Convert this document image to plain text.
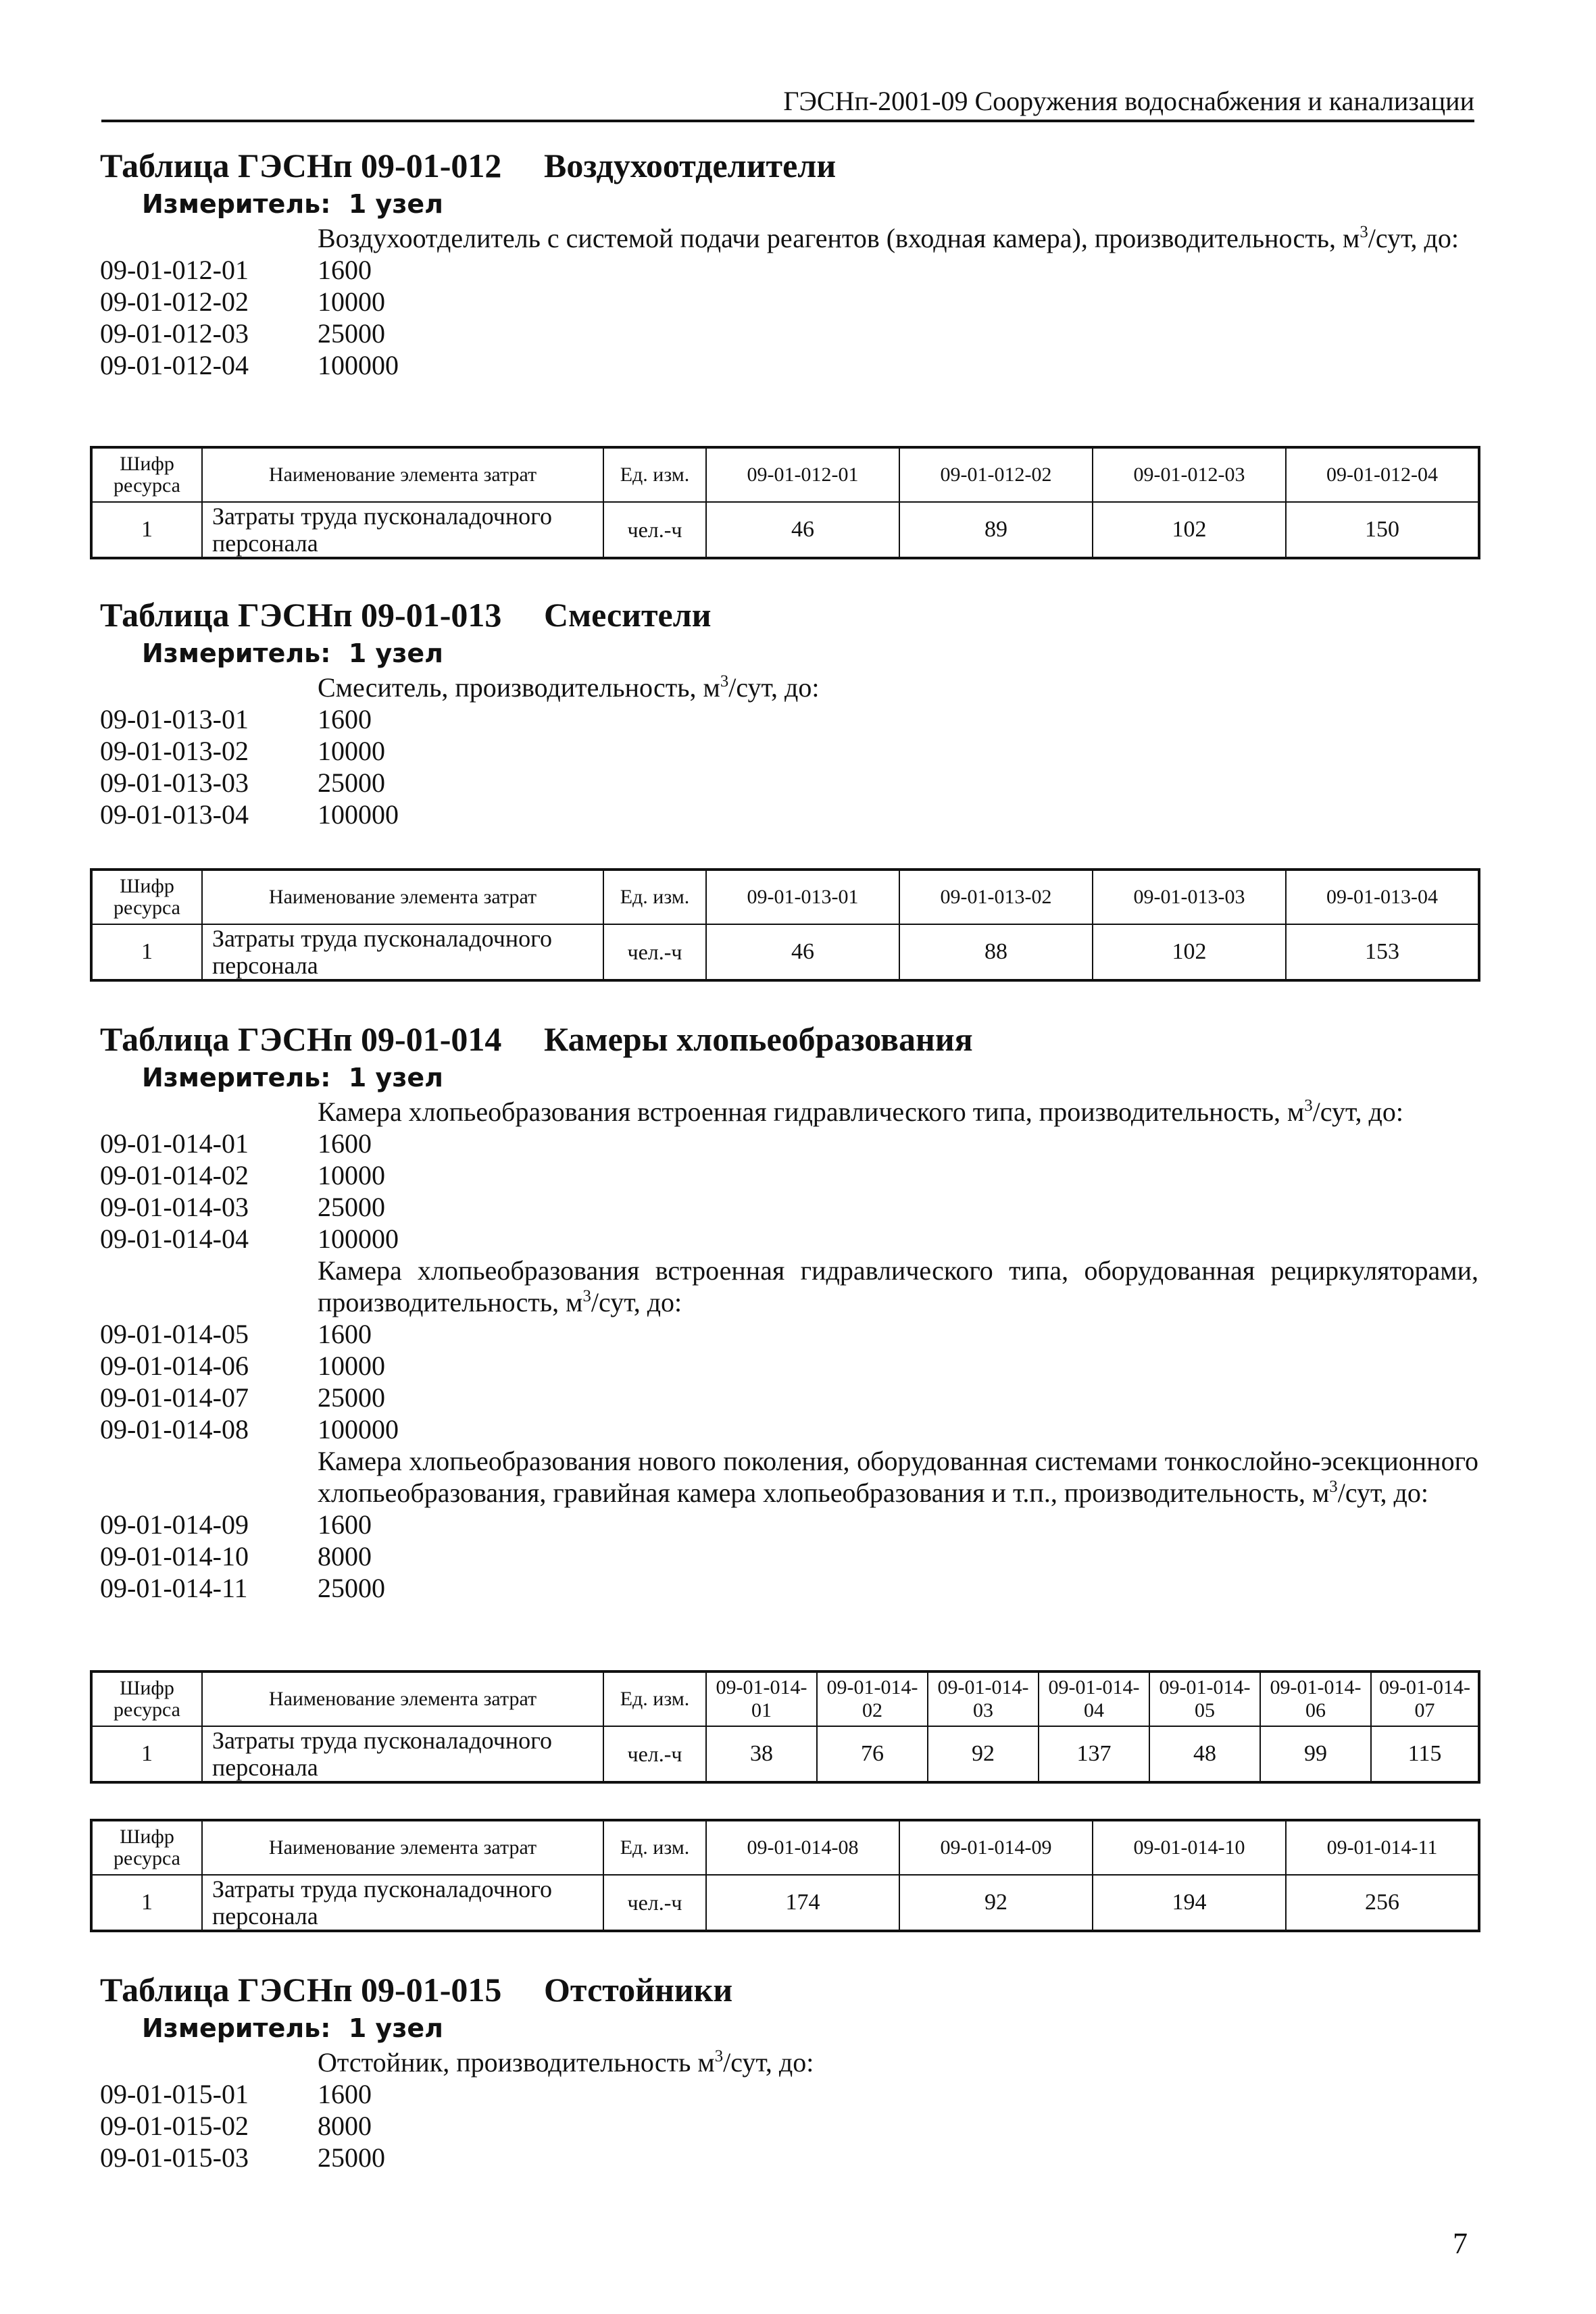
ГЭСНп-2001-09 Сооружения водоснабжения и канализации
Таблица ГЭСНп 09-01-012 Воздухоотделители
Измеритель: 1 узел
Воздухоотделитель с системой подачи реагентов (входная камера), производительность, $м^3$/сут, до:
09-01-012-01	1600
09-01-012-02	10000
09-01-012-03	25000
09-01-012-04	100000
Шифр ресурса	Наименование элемента затрат	Ед. изм.	09-01-012-01	09-01-012-02	09-01-012-03	09-01-012-04
1	Затраты труда пусконаладочного персонала	чел.-ч	46	89	102	150
Таблица ГЭСНп 09-01-013 Смесители
Измеритель: 1 узел
Смеситель, производительность, $м^3$/сут, до:
09-01-013-01	1600
09-01-013-02	10000
09-01-013-03	25000
09-01-013-04	100000
Шифр ресурса	Наименование элемента затрат	Ед. изм.	09-01-013-01	09-01-013-02	09-01-013-03	09-01-013-04
1	Затраты труда пусконаладочного персонала	чел.-ч	46	88	102	153
Таблица ГЭСНп 09-01-014 Камеры хлопьеобразования
Измеритель: 1 узел
Камера хлопьеобразования встроенная гидравлического типа, производительность, $м^3$/сут, до:
09-01-014-01	1600
09-01-014-02	10000
09-01-014-03	25000
09-01-014-04	100000
Камера хлопьеобразования встроенная гидравлического типа, оборудованная рециркуляторами, производительность, $м^3$/сут, до:
09-01-014-05	1600
09-01-014-06	10000
09-01-014-07	25000
09-01-014-08	100000
Камера хлопьеобразования нового поколения, оборудованная системами тонкослойно-эсекционного хлопьеобразования, гравийная камера хлопьеобразования и т.п., производительность, $м^3$/сут, до:
09-01-014-09	1600
09-01-014-10	8000
09-01-014-11	25000
Шифр ресурса	Наименование элемента затрат	Ед. изм.	09-01-014-01	09-01-014-02	09-01-014-03	09-01-014-04	09-01-014-05	09-01-014-06	09-01-014-07
1	Затраты труда пусконаладочного персонала	чел.-ч	38	76	92	137	48	99	115
Шифр ресурса	Наименование элемента затрат	Ед. изм.	09-01-014-08	09-01-014-09	09-01-014-10	09-01-014-11
1	Затраты труда пусконаладочного персонала	чел.-ч	174	92	194	256
Таблица ГЭСНп 09-01-015 Отстойники
Измеритель: 1 узел
Отстойник, производительность $м^3$/сут, до:
09-01-015-01	1600
09-01-015-02	8000
09-01-015-03	25000
7
